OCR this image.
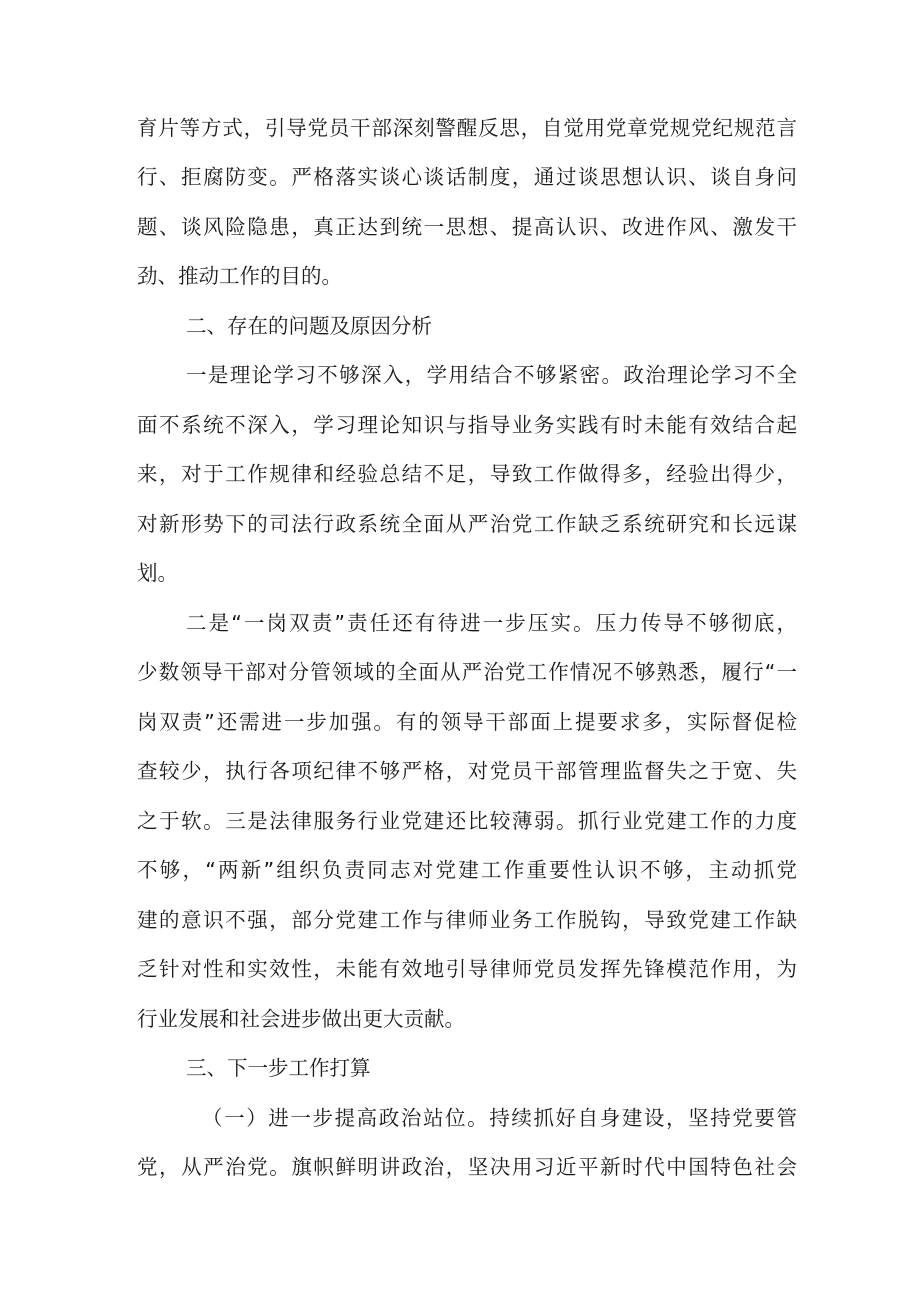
育片等方式，引导党员干部深刻警醒反思，自觉用党章党规党纪规范言
行、拒腐防变。严格落实谈心谈话制度，通过谈思想认识、谈自身问
题、谈风险隐患，真正达到统一思想、提高认识、改进作风、激发干
劲、推动工作的目的。
二、存在的问题及原因分析
一是理论学习不够深入，学用结合不够紧密。政治理论学习不全
面不系统不深入，学习理论知识与指导业务实践有时未能有效结合起
来，对于工作规律和经验总结不足，导致工作做得多，经验出得少，
对新形势下的司法行政系统全面从严治党工作缺乏系统研究和长远谋
划。
二是“一岗双责”责任还有待进一步压实。压力传导不够彻底，
少数领导干部对分管领域的全面从严治党工作情况不够熟悉，履行“一
岗双责”还需进一步加强。有的领导干部面上提要求多，实际督促检
查较少，执行各项纪律不够严格，对党员干部管理监督失之于宽、失
之于软。三是法律服务行业党建还比较薄弱。抓行业党建工作的力度
不够，“两新”组织负责同志对党建工作重要性认识不够，主动抓党
建的意识不强，部分党建工作与律师业务工作脱钩，导致党建工作缺
乏针对性和实效性，未能有效地引导律师党员发挥先锋模范作用，为
行业发展和社会进步做出更大贡献。
三、下一步工作打算
（一）进一步提高政治站位。持续抓好自身建设，坚持党要管
党，从严治党。旗帜鲜明讲政治，坚决用习近平新时代中国特色社会
